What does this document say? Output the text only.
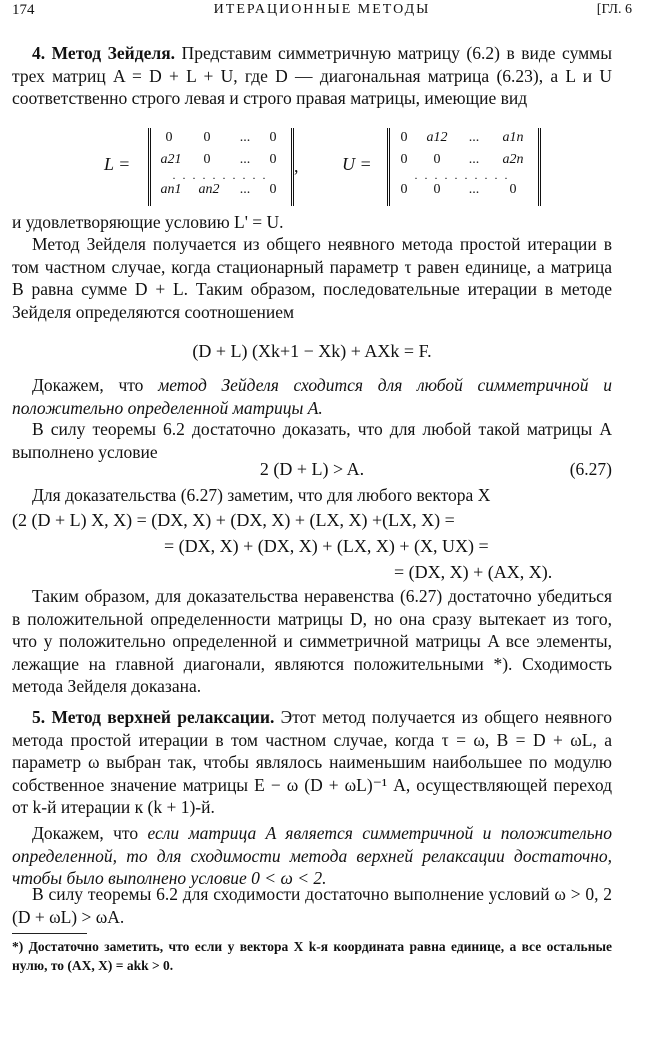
174	ИТЕРАЦИОННЫЕ МЕТОДЫ	[ГЛ. 6
4. Метод Зейделя. Представим симметричную матрицу (6.2) в виде суммы трех матриц A = D + L + U, где D — диагональная матрица (6.23), а L и U соответственно строго левая и строго правая матрицы, имеющие вид
L =
0	0	...	0
a21	0	...	0
. . . . . . . . . .
an1 an2	...	0
, U =
0	a12	...	a1n
0	0	...	a2n
. . . . . . . . . .
0	0	...	0
и удовлетворяющие условию L' = U.
Метод Зейделя получается из общего неявного метода простой итерации в том частном случае, когда стационарный параметр τ равен единице, а матрица B равна сумме D + L. Таким образом, последовательные итерации в методе Зейделя определяются соотношением
(D + L) (Xk+1 − Xk) + AXk = F.
Докажем, что метод Зейделя сходится для любой симметричной и положительно определенной матрицы A.
В силу теоремы 6.2 достаточно доказать, что для любой такой матрицы A выполнено условие
2 (D + L) > A.	(6.27)
Для доказательства (6.27) заметим, что для любого вектора X
(2 (D + L) X, X) = (DX, X) + (DX, X) + (LX, X) +(LX, X) =
= (DX, X) + (DX, X) + (LX, X) + (X, UX) =
= (DX, X) + (AX, X).
Таким образом, для доказательства неравенства (6.27) достаточно убедиться в положительной определенности матрицы D, но она сразу вытекает из того, что у положительно определенной и симметричной матрицы A все элементы, лежащие на главной диагонали, являются положительными *). Сходимость метода Зейделя доказана.
5. Метод верхней релаксации. Этот метод получается из общего неявного метода простой итерации в том частном случае, когда τ = ω, B = D + ωL, а параметр ω выбран так, чтобы являлось наименьшим наибольшее по модулю собственное значение матрицы E − ω (D + ωL)⁻¹ A, осуществляющей переход от k-й итерации к (k + 1)-й.
Докажем, что если матрица A является симметричной и положительно определенной, то для сходимости метода верхней релаксации достаточно, чтобы было выполнено условие 0 < ω < 2.
В силу теоремы 6.2 для сходимости достаточно выполнение условий ω > 0, 2 (D + ωL) > ωA.
*) Достаточно заметить, что если у вектора X k-я координата равна единице, а все остальные нулю, то (AX, X) = akk > 0.
